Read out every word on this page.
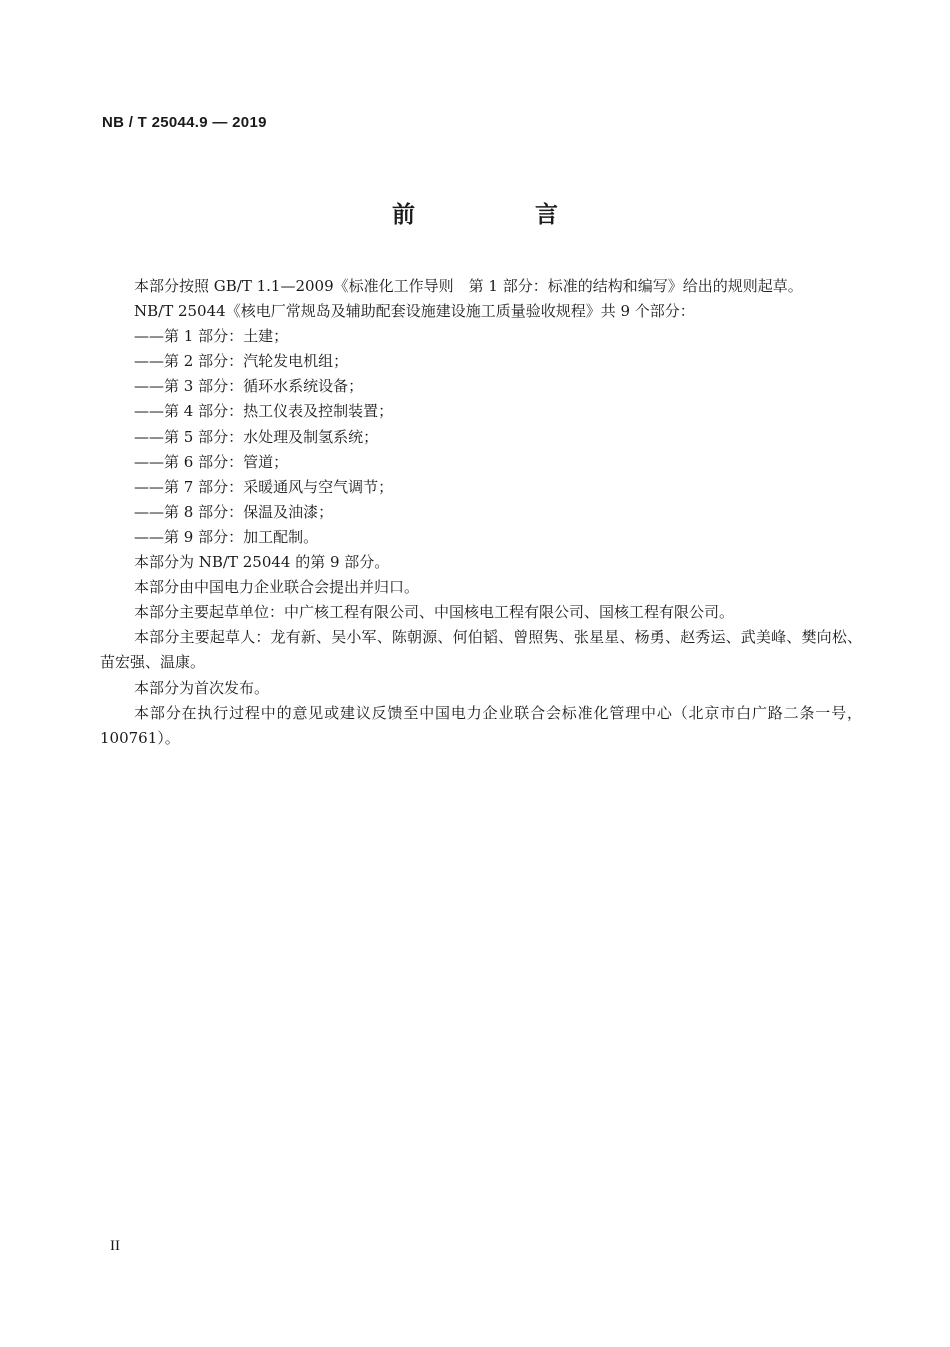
NB / T 25044.9 — 2019
前 言

本部分按照 GB/T 1.1—2009《标准化工作导则　第 1 部分：标准的结构和编写》给出的规则起草。

NB/T 25044《核电厂常规岛及辅助配套设施建设施工质量验收规程》共 9 个部分：

——第 1 部分：土建；

——第 2 部分：汽轮发电机组；

——第 3 部分：循环水系统设备；

——第 4 部分：热工仪表及控制装置；

——第 5 部分：水处理及制氢系统；

——第 6 部分：管道；

——第 7 部分：采暖通风与空气调节；

——第 8 部分：保温及油漆；

——第 9 部分：加工配制。

本部分为 NB/T 25044 的第 9 部分。

本部分由中国电力企业联合会提出并归口。

本部分主要起草单位：中广核工程有限公司、中国核电工程有限公司、国核工程有限公司。

本部分主要起草人：龙有新、吴小军、陈朝源、何伯韬、曾照隽、张星星、杨勇、赵秀运、武美峰、樊向松、苗宏强、温康。

本部分为首次发布。

本部分在执行过程中的意见或建议反馈至中国电力企业联合会标准化管理中心（北京市白广路二条一号，100761）。

II
